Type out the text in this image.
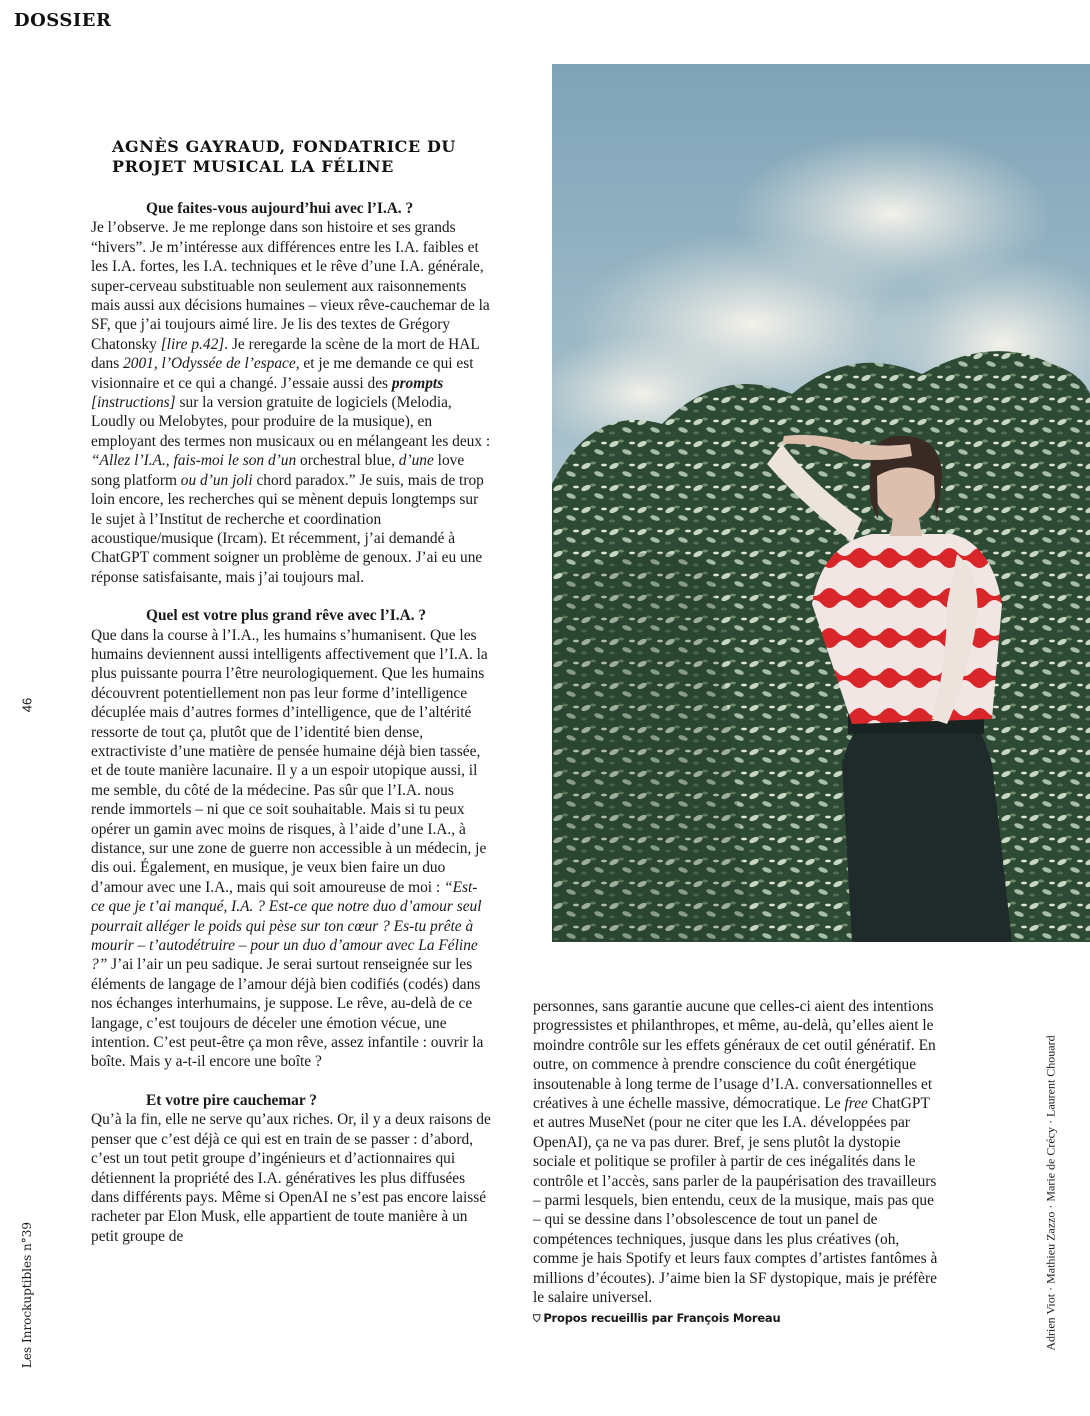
DOSSIER
46
Les Inrockuptibles n°39	Adrien Viot · Mathieu Zazzo · Marie de Crécy · Laurent Chouard
AGNÈS GAYRAUD, FONDATRICE DU PROJET MUSICAL LA FÉLINE

Que faites-vous aujourd’hui avec l’I.A. ?

Je l’observe. Je me replonge dans son histoire et ses grands “hivers”. Je m’intéresse aux différences entre les I.A. faibles et les I.A. fortes, les I.A. techniques et le rêve d’une I.A. générale, super-cerveau substituable non seulement aux raisonnements mais aussi aux décisions humaines – vieux rêve-cauchemar de la SF, que j’ai toujours aimé lire. Je lis des textes de Grégory Chatonsky [lire p.42]. Je reregarde la scène de la mort de HAL dans 2001, l’Odyssée de l’espace, et je me demande ce qui est visionnaire et ce qui a changé. J’essaie aussi des prompts [instructions] sur la version gratuite de logiciels (Melodia, Loudly ou Melobytes, pour produire de la musique), en employant des termes non musicaux ou en mélangeant les deux : “Allez l’I.A., fais-moi le son d’un orchestral blue, d’une love song platform ou d’un joli chord paradox.” Je suis, mais de trop loin encore, les recherches qui se mènent depuis longtemps sur le sujet à l’Institut de recherche et coordination acoustique/musique (Ircam). Et récemment, j’ai demandé à ChatGPT comment soigner un problème de genoux. J’ai eu une réponse satisfaisante, mais j’ai toujours mal.

Quel est votre plus grand rêve avec l’I.A. ?

Que dans la course à l’I.A., les humains s’humanisent. Que les humains deviennent aussi intelligents affectivement que l’I.A. la plus puissante pourra l’être neurologiquement. Que les humains découvrent potentiellement non pas leur forme d’intelligence décuplée mais d’autres formes d’intelligence, que de l’altérité ressorte de tout ça, plutôt que de l’identité bien dense, extractiviste d’une matière de pensée humaine déjà bien tassée, et de toute manière lacunaire. Il y a un espoir utopique aussi, il me semble, du côté de la médecine. Pas sûr que l’I.A. nous rende immortels – ni que ce soit souhaitable. Mais si tu peux opérer un gamin avec moins de risques, à l’aide d’une I.A., à distance, sur une zone de guerre non accessible à un médecin, je dis oui. Également, en musique, je veux bien faire un duo d’amour avec une I.A., mais qui soit amoureuse de moi : “Est-ce que je t’ai manqué, I.A. ? Est-ce que notre duo d’amour seul pourrait alléger le poids qui pèse sur ton cœur ? Es-tu prête à mourir – t’autodétruire – pour un duo d’amour avec La Féline ?” J’ai l’air un peu sadique. Je serai surtout renseignée sur les éléments de langage de l’amour déjà bien codifiés (codés) dans nos échanges interhumains, je suppose. Le rêve, au-delà de ce langage, c’est toujours de déceler une émotion vécue, une intention. C’est peut-être ça mon rêve, assez infantile : ouvrir la boîte. Mais y a-t-il encore une boîte ?

Et votre pire cauchemar ?

Qu’à la fin, elle ne serve qu’aux riches. Or, il y a deux raisons de penser que c’est déjà ce qui est en train de se passer : d’abord, c’est un tout petit groupe d’ingénieurs et d’actionnaires qui détiennent la propriété des I.A. génératives les plus diffusées dans différents pays. Même si OpenAI ne s’est pas encore laissé racheter par Elon Musk, elle appartient de toute manière à un petit groupe de

personnes, sans garantie aucune que celles-ci aient des intentions progressistes et philanthropes, et même, au-delà, qu’elles aient le moindre contrôle sur les effets généraux de cet outil génératif. En outre, on commence à prendre conscience du coût énergétique insoutenable à long terme de l’usage d’I.A. conversationnelles et créatives à une échelle massive, démocratique. Le free ChatGPT et autres MuseNet (pour ne citer que les I.A. développées par OpenAI), ça ne va pas durer. Bref, je sens plutôt la dystopie sociale et politique se profiler à partir de ces inégalités dans le contrôle et l’accès, sans parler de la paupérisation des travailleurs – parmi lesquels, bien entendu, ceux de la musique, mais pas que – qui se dessine dans l’obsolescence de tout un panel de compétences techniques, jusque dans les plus créatives (oh, comme je hais Spotify et leurs faux comptes d’artistes fantômes à millions d’écoutes). J’aime bien la SF dystopique, mais je préfère le salaire universel.

⛉ Propos recueillis par François Moreau
